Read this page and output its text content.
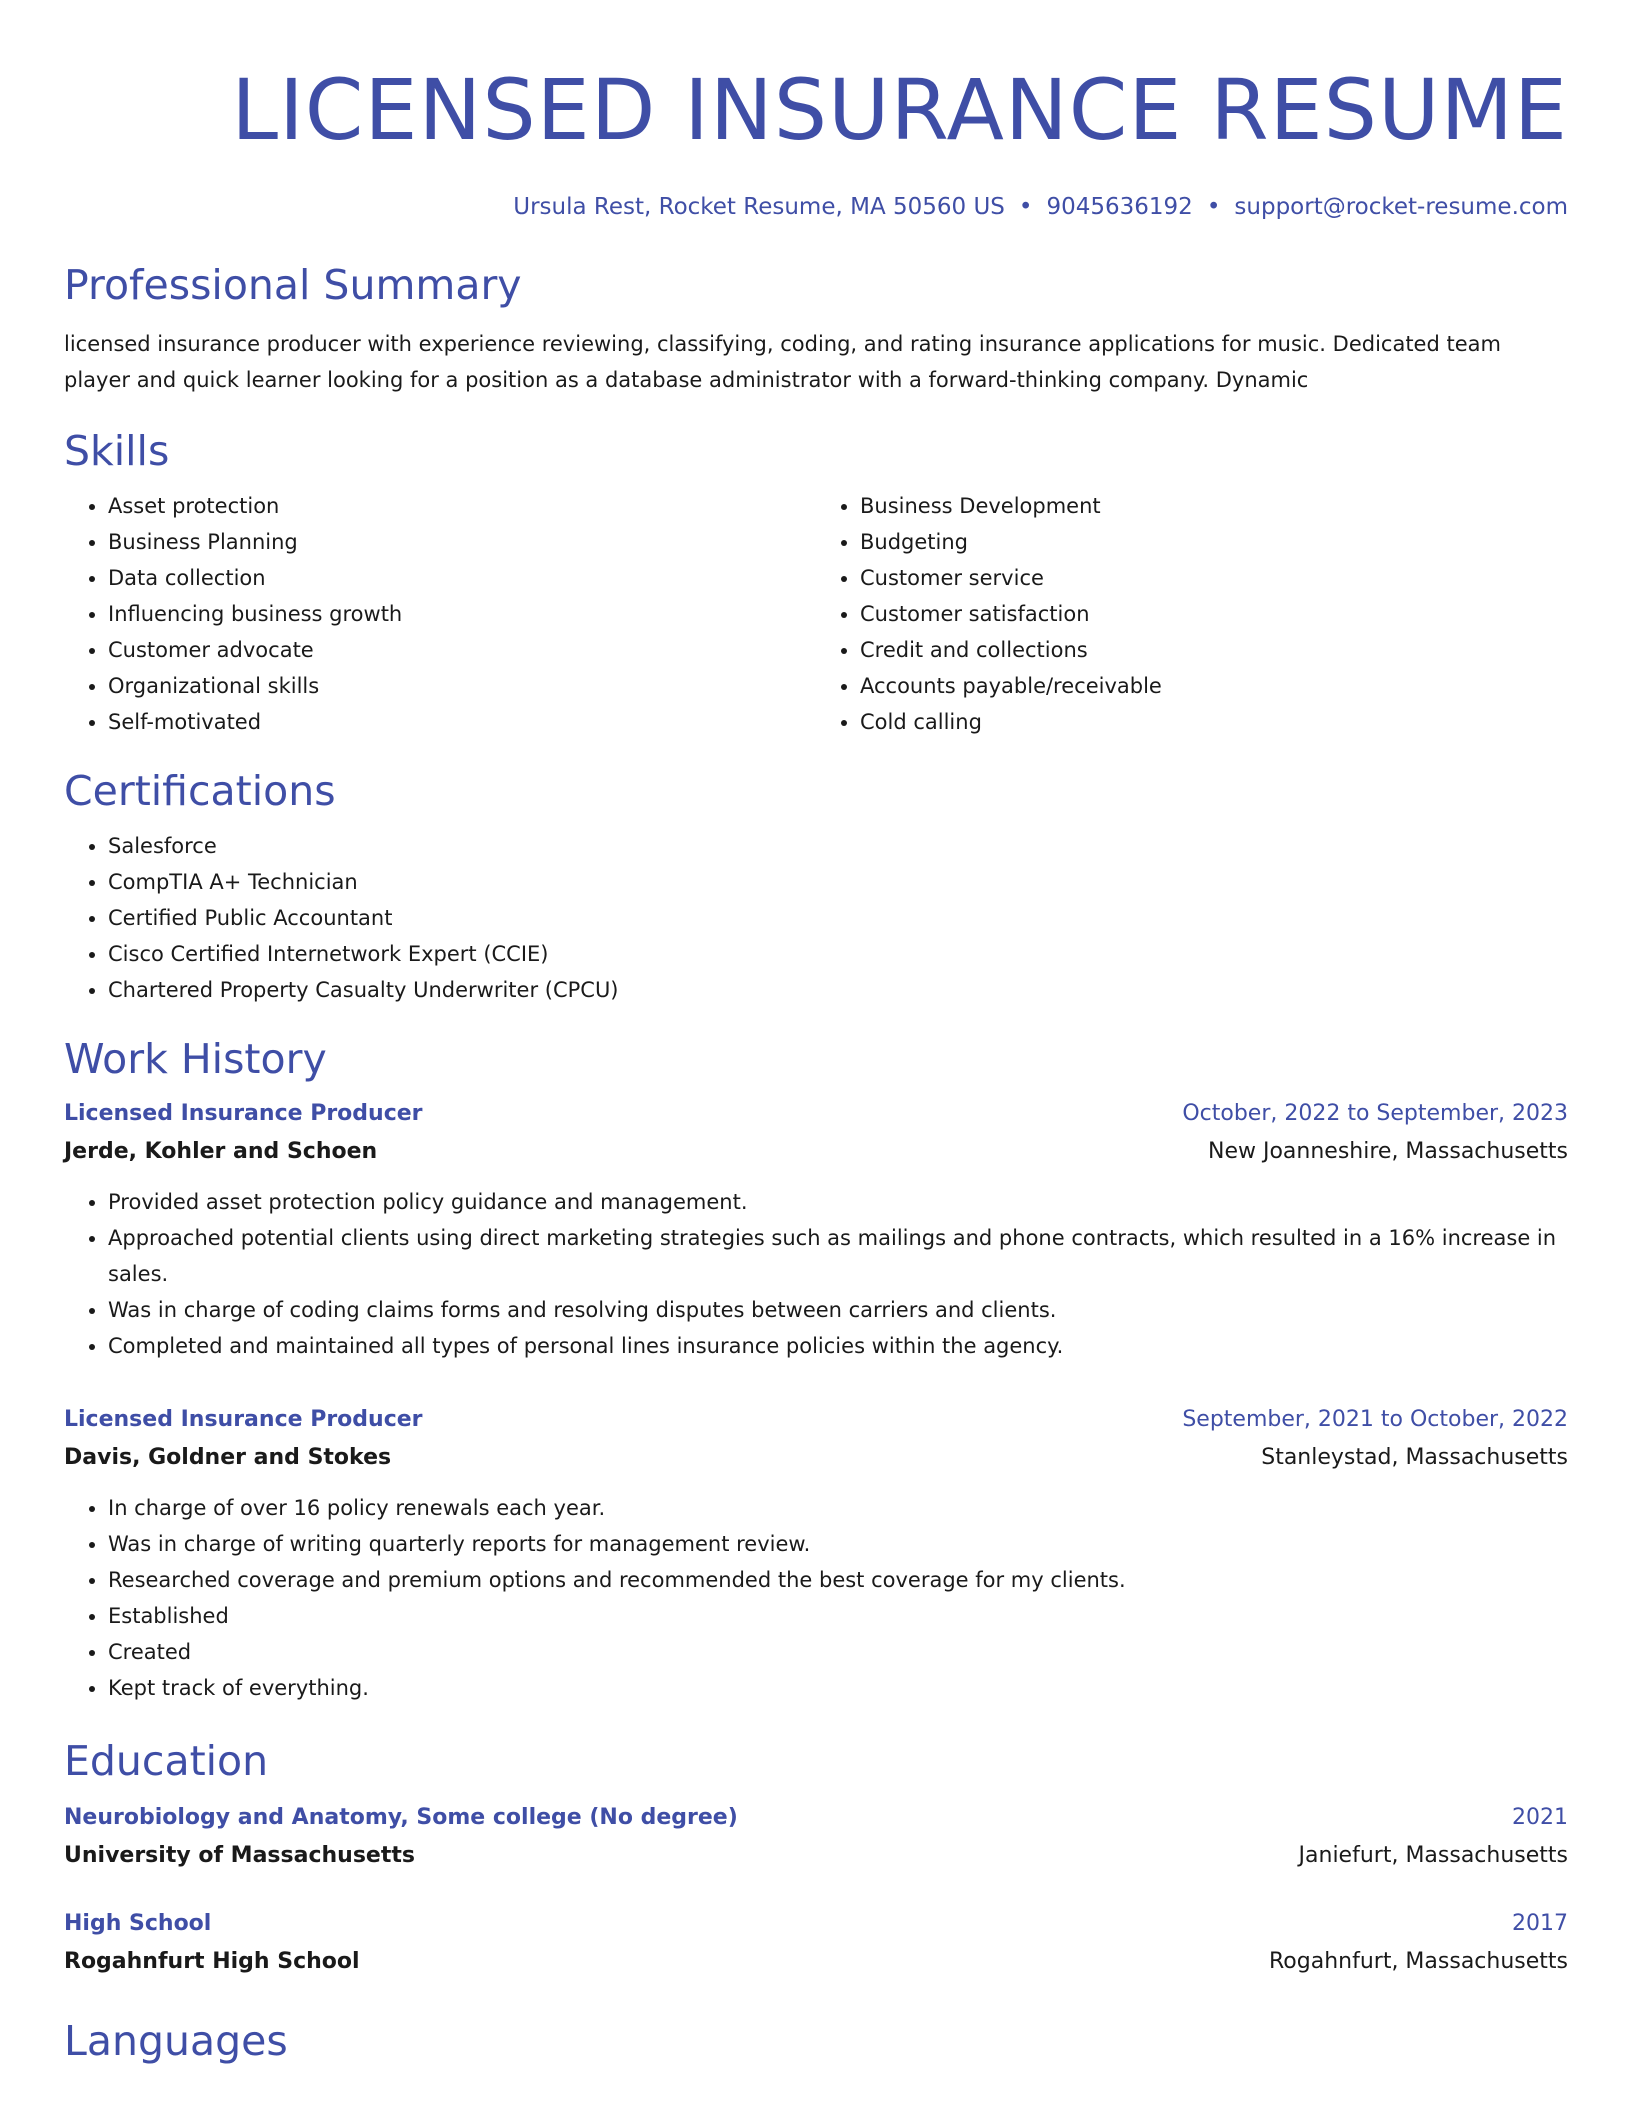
LICENSED INSURANCE RESUME
Ursula Rest, Rocket Resume, MA 50560 US • 9045636192 • support@rocket-resume.com
Professional Summary
licensed insurance producer with experience reviewing, classifying, coding, and rating insurance applications for music. Dedicated team player and quick learner looking for a position as a database administrator with a forward-thinking company. Dynamic
Skills
• Asset protection
• Business Planning
• Data collection
• Influencing business growth
• Customer advocate
• Organizational skills
• Self-motivated
• Business Development
• Budgeting
• Customer service
• Customer satisfaction
• Credit and collections
• Accounts payable/receivable
• Cold calling
Certifications
• Salesforce
• CompTIA A+ Technician
• Certified Public Accountant
• Cisco Certified Internetwork Expert (CCIE)
• Chartered Property Casualty Underwriter (CPCU)
Work History
Licensed Insurance Producer	October, 2022 to September, 2023
Jerde, Kohler and Schoen	New Joanneshire, Massachusetts
• Provided asset protection policy guidance and management.
• Approached potential clients using direct marketing strategies such as mailings and phone contracts, which resulted in a 16% increase in sales.
• Was in charge of coding claims forms and resolving disputes between carriers and clients.
• Completed and maintained all types of personal lines insurance policies within the agency.
Licensed Insurance Producer	September, 2021 to October, 2022
Davis, Goldner and Stokes	Stanleystad, Massachusetts
• In charge of over 16 policy renewals each year.
• Was in charge of writing quarterly reports for management review.
• Researched coverage and premium options and recommended the best coverage for my clients.
• Established
• Created
• Kept track of everything.
Education
Neurobiology and Anatomy, Some college (No degree)	2021
University of Massachusetts	Janiefurt, Massachusetts
High School	2017
Rogahnfurt High School	Rogahnfurt, Massachusetts
Languages
